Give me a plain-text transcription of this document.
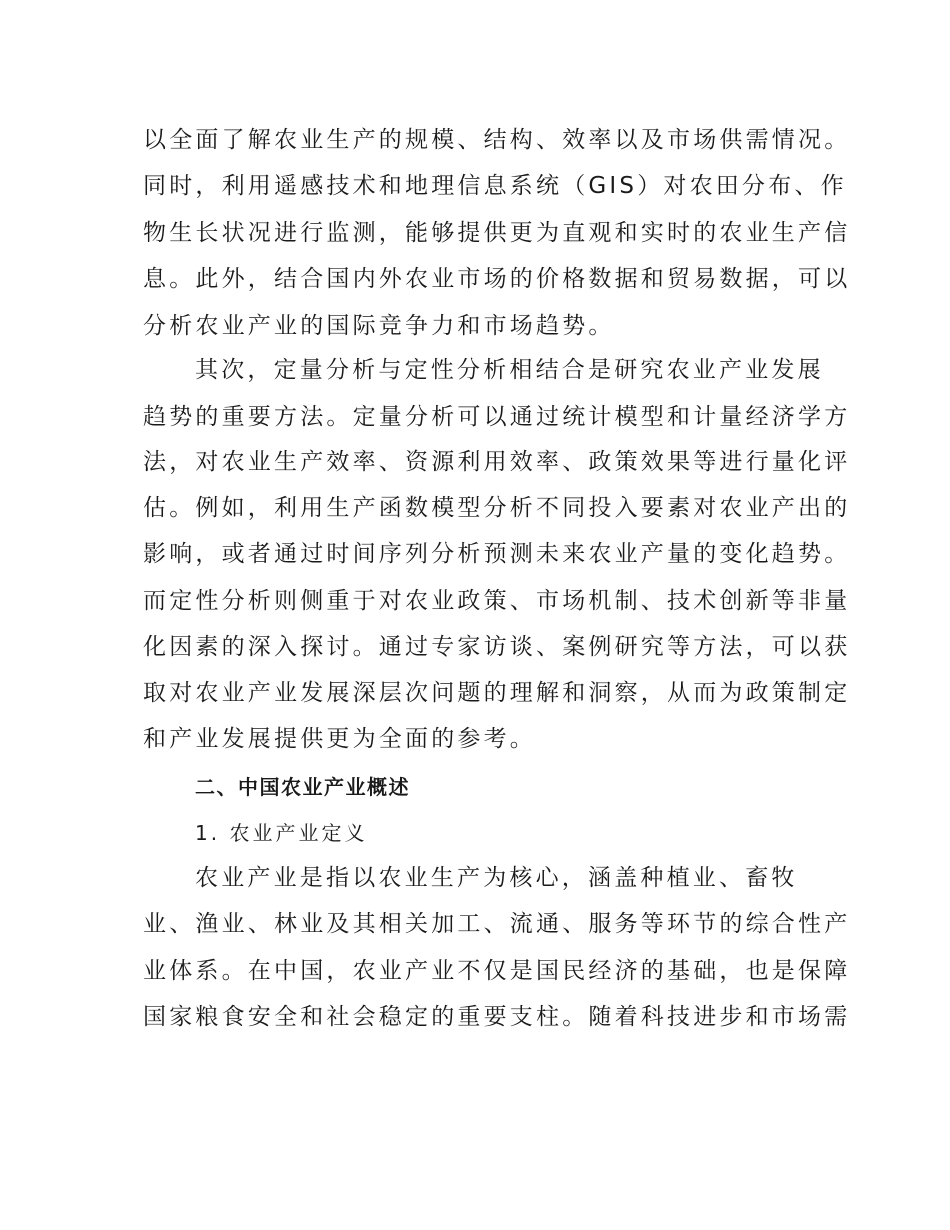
以全面了解农业生产的规模、结构、效率以及市场供需情况。
同时，利用遥感技术和地理信息系统（GIS）对农田分布、作
物生长状况进行监测，能够提供更为直观和实时的农业生产信
息。此外，结合国内外农业市场的价格数据和贸易数据，可以
分析农业产业的国际竞争力和市场趋势。
其次，定量分析与定性分析相结合是研究农业产业发展
趋势的重要方法。定量分析可以通过统计模型和计量经济学方
法，对农业生产效率、资源利用效率、政策效果等进行量化评
估。例如，利用生产函数模型分析不同投入要素对农业产出的
影响，或者通过时间序列分析预测未来农业产量的变化趋势。
而定性分析则侧重于对农业政策、市场机制、技术创新等非量
化因素的深入探讨。通过专家访谈、案例研究等方法，可以获
取对农业产业发展深层次问题的理解和洞察，从而为政策制定
和产业发展提供更为全面的参考。
二、中国农业产业概述
1. 农业产业定义
农业产业是指以农业生产为核心，涵盖种植业、畜牧
业、渔业、林业及其相关加工、流通、服务等环节的综合性产
业体系。在中国，农业产业不仅是国民经济的基础，也是保障
国家粮食安全和社会稳定的重要支柱。随着科技进步和市场需
